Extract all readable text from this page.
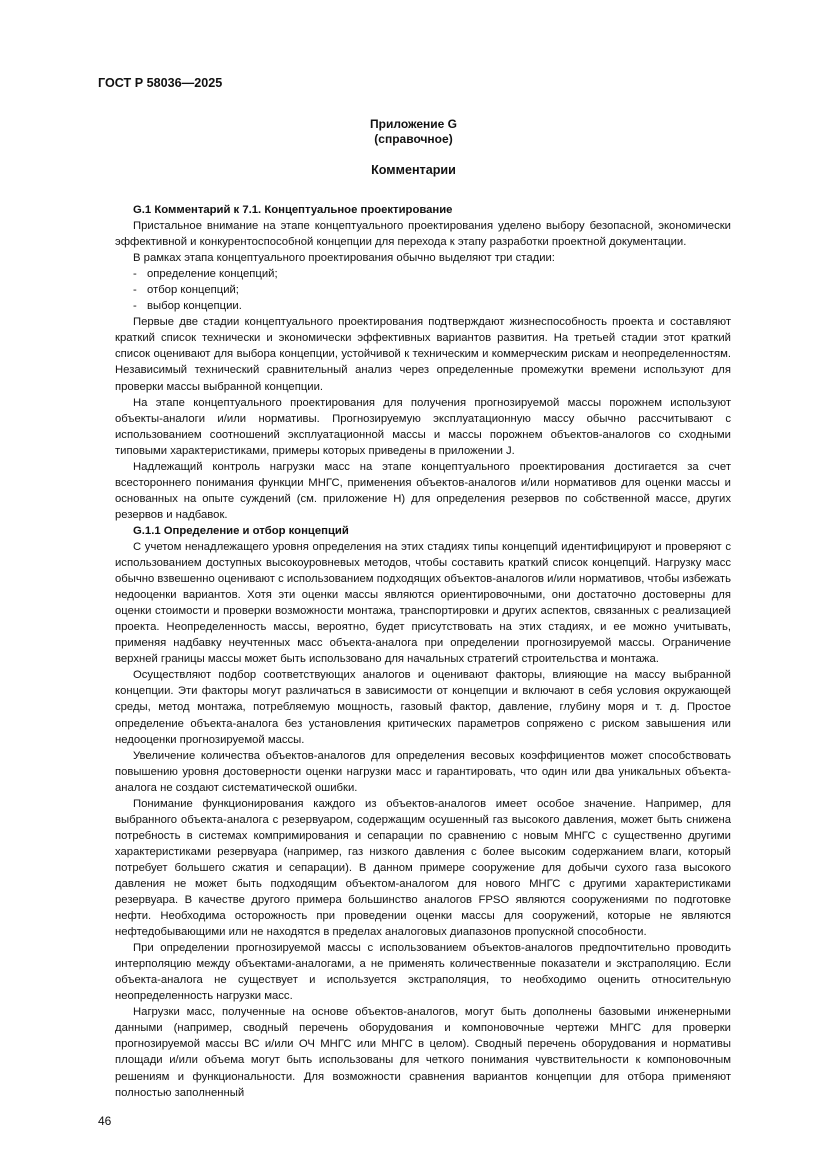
ГОСТ Р 58036—2025
Приложение G
(справочное)
Комментарии

G.1 Комментарий к 7.1. Концептуальное проектирование

Пристальное внимание на этапе концептуального проектирования уделено выбору безопасной, экономически эффективной и конкурентоспособной концепции для перехода к этапу разработки проектной документации.

В рамках этапа концептуального проектирования обычно выделяют три стадии:

- определение концепций;

- отбор концепций;

- выбор концепции.

Первые две стадии концептуального проектирования подтверждают жизнеспособность проекта и составляют краткий список технически и экономически эффективных вариантов развития. На третьей стадии этот краткий список оценивают для выбора концепции, устойчивой к техническим и коммерческим рискам и неопределенностям. Независимый технический сравнительный анализ через определенные промежутки времени используют для проверки массы выбранной концепции.

На этапе концептуального проектирования для получения прогнозируемой массы порожнем используют объекты-аналоги и/или нормативы. Прогнозируемую эксплуатационную массу обычно рассчитывают с использованием соотношений эксплуатационной массы и массы порожнем объектов-аналогов со сходными типовыми характеристиками, примеры которых приведены в приложении J.

Надлежащий контроль нагрузки масс на этапе концептуального проектирования достигается за счет всестороннего понимания функции МНГС, применения объектов-аналогов и/или нормативов для оценки массы и основанных на опыте суждений (см. приложение H) для определения резервов по собственной массе, других резервов и надбавок.

G.1.1 Определение и отбор концепций

С учетом ненадлежащего уровня определения на этих стадиях типы концепций идентифицируют и проверяют с использованием доступных высокоуровневых методов, чтобы составить краткий список концепций. Нагрузку масс обычно взвешенно оценивают с использованием подходящих объектов-аналогов и/или нормативов, чтобы избежать недооценки вариантов. Хотя эти оценки массы являются ориентировочными, они достаточно достоверны для оценки стоимости и проверки возможности монтажа, транспортировки и других аспектов, связанных с реализацией проекта. Неопределенность массы, вероятно, будет присутствовать на этих стадиях, и ее можно учитывать, применяя надбавку неучтенных масс объекта-аналога при определении прогнозируемой массы. Ограничение верхней границы массы может быть использовано для начальных стратегий строительства и монтажа.

Осуществляют подбор соответствующих аналогов и оценивают факторы, влияющие на массу выбранной концепции. Эти факторы могут различаться в зависимости от концепции и включают в себя условия окружающей среды, метод монтажа, потребляемую мощность, газовый фактор, давление, глубину моря и т. д. Простое определение объекта-аналога без установления критических параметров сопряжено с риском завышения или недооценки прогнозируемой массы.

Увеличение количества объектов-аналогов для определения весовых коэффициентов может способствовать повышению уровня достоверности оценки нагрузки масс и гарантировать, что один или два уникальных объекта-аналога не создают систематической ошибки.

Понимание функционирования каждого из объектов-аналогов имеет особое значение. Например, для выбранного объекта-аналога с резервуаром, содержащим осушенный газ высокого давления, может быть снижена потребность в системах компримирования и сепарации по сравнению с новым МНГС с существенно другими характеристиками резервуара (например, газ низкого давления с более высоким содержанием влаги, который потребует большего сжатия и сепарации). В данном примере сооружение для добычи сухого газа высокого давления не может быть подходящим объектом-аналогом для нового МНГС с другими характеристиками резервуара. В качестве другого примера большинство аналогов FPSO являются сооружениями по подготовке нефти. Необходима осторожность при проведении оценки массы для сооружений, которые не являются нефтедобывающими или не находятся в пределах аналоговых диапазонов пропускной способности.

При определении прогнозируемой массы с использованием объектов-аналогов предпочтительно проводить интерполяцию между объектами-аналогами, а не применять количественные показатели и экстраполяцию. Если объекта-аналога не существует и используется экстраполяция, то необходимо оценить относительную неопределенность нагрузки масс.

Нагрузки масс, полученные на основе объектов-аналогов, могут быть дополнены базовыми инженерными данными (например, сводный перечень оборудования и компоновочные чертежи МНГС для проверки прогнозируемой массы ВС и/или ОЧ МНГС или МНГС в целом). Сводный перечень оборудования и нормативы площади и/или объема могут быть использованы для четкого понимания чувствительности к компоновочным решениям и функциональности. Для возможности сравнения вариантов концепции для отбора применяют полностью заполненный

46
